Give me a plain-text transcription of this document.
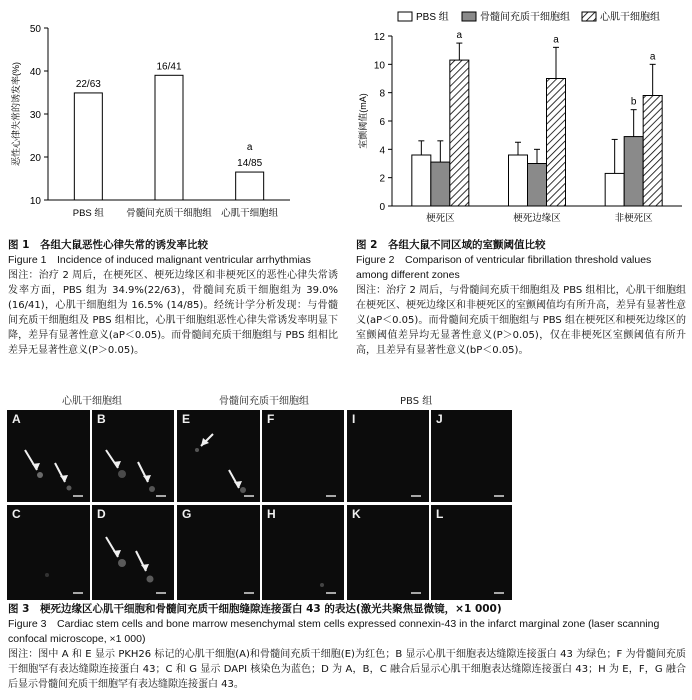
10
20
30
40
50
恶性心律失常的诱发率(%)	22/63
PBS 组
16/41
骨髓间充质干细胞组
14/85
a
心肌干细胞组
0
2
4
6
8
10
12
室颤阈值(mA)
PBS 组	骨髓间充质干细胞组	心肌干细胞组
a
梗死区
a
梗死边缘区
b
a
非梗死区
图 1　各组大鼠恶性心律失常的诱发率比较
Figure 1　Incidence of induced malignant ventricular arrhythmias
图注：治疗 2 周后，在梗死区、梗死边缘区和非梗死区的恶性心律失常诱发率方面，PBS 组为 34.9%(22/63)，骨髓间充质干细胞组为 39.0%(16/41)，心肌干细胞组为 16.5% (14/85)。经统计学分析发现：与骨髓间充质干细胞组及 PBS 组相比，心肌干细胞组恶性心律失常诱发率明显下降，差异有显著性意义(aP＜0.05)。而骨髓间充质干细胞组与 PBS 组相比差异无显著性意义(P＞0.05)。
图 2　各组大鼠不同区域的室颤阈值比较
Figure 2　Comparison of ventricular fibrillation threshold values
among different zones
图注：治疗 2 周后，与骨髓间充质干细胞组及 PBS 组相比，心肌干细胞组在梗死区、梗死边缘区和非梗死区的室颤阈值均有所升高，差异有显著性意义(aP＜0.05)。而骨髓间充质干细胞组与 PBS 组在梗死区和梗死边缘区的室颤阈值差异均无显著性意义(P＞0.05)，仅在非梗死区室颤阈值有所升高，且差异有显著性意义(bP＜0.05)。
心肌干细胞组	骨髓间充质干细胞组	PBS 组
A	B
C	D
E	F
G	H
I	J
K	L
图 3　梗死边缘区心肌干细胞和骨髓间充质干细胞缝隙连接蛋白 43 的表达(激光共聚焦显微镜，×1 000)
Figure 3　Cardiac stem cells and bone marrow mesenchymal stem cells expressed connexin-43 in the infarct marginal zone (laser scanning confocal microscope, ×1 000)
图注：图中 A 和 E 显示 PKH26 标记的心肌干细胞(A)和骨髓间充质干细胞(E)为红色；B 显示心肌干细胞表达缝隙连接蛋白 43 为绿色；F 为骨髓间充质干细胞罕有表达缝隙连接蛋白 43；C 和 G 显示 DAPI 核染色为蓝色；D 为 A，B，C 融合后显示心肌干细胞表达缝隙连接蛋白 43；H 为 E，F，G 融合后显示骨髓间充质干细胞罕有表达缝隙连接蛋白 43。
